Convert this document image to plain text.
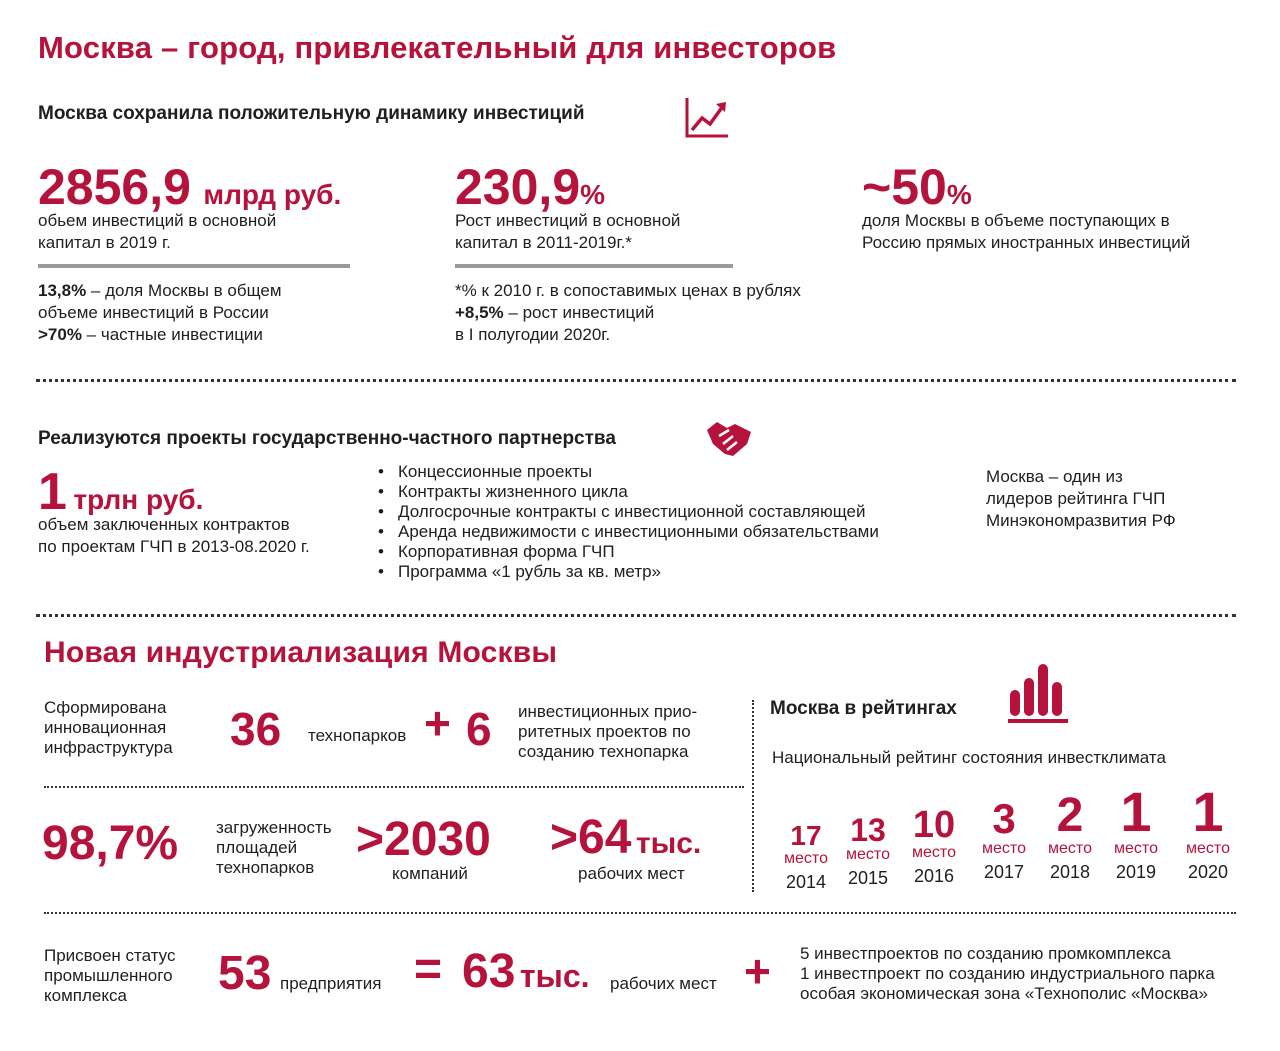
Москва – город, привлекательный для инвесторов
Москва сохранила положительную динамику инвестиций
2856,9 млрд руб.
обьем инвестиций в основной
капитал в 2019 г.
13,8% – доля Москвы в общем
объеме инвестиций в России
>70% – частные инвестиции
230,9%
Рост инвестиций в основной
капитал в 2011-2019г.*
*% к 2010 г. в сопоставимых ценах в рублях
+8,5% – рост инвестиций
в I полугодии 2020г.
~50%
доля Москвы в объеме поступающих в
Россию прямых иностранных инвестиций
Реализуются проекты государственно-частного партнерства
1 трлн руб.
объем заключенных контрактов
по проектам ГЧП в 2013-08.2020 г.
• Концессионные проекты
• Контракты жизненного цикла
• Долгосрочные контракты с инвестиционной составляющей
• Аренда недвижимости с инвестиционными обязательствами
• Корпоративная форма ГЧП
• Программа «1 рубль за кв. метр»
Москва – один из
лидеров рейтинга ГЧП
Минэкономразвития РФ
Новая индустриализация Москвы
Сформирована
инновационная
инфраструктура 36 технопарков + 6 инвестиционных прио-
ритетных проектов по
созданию технопарка
98,7% загруженность
площадей
технопарков
>2030
компаний
>64 тыс.
рабочих мест
Москва в рейтингах
Национальный рейтинг состояния инвестклимата
17
место
2014
13
место
2015
10
место
2016
3
место
2017
2
место
2018
1
место
2019
1
место
2020
Присвоен статус
промышленного
комплекса	53 предприятия = 63 тыс. рабочих мест + 5 инвестпроектов по созданию промкомплекса
1 инвестпроект по созданию индустриального парка
особая экономическая зона «Технополис «Москва»
